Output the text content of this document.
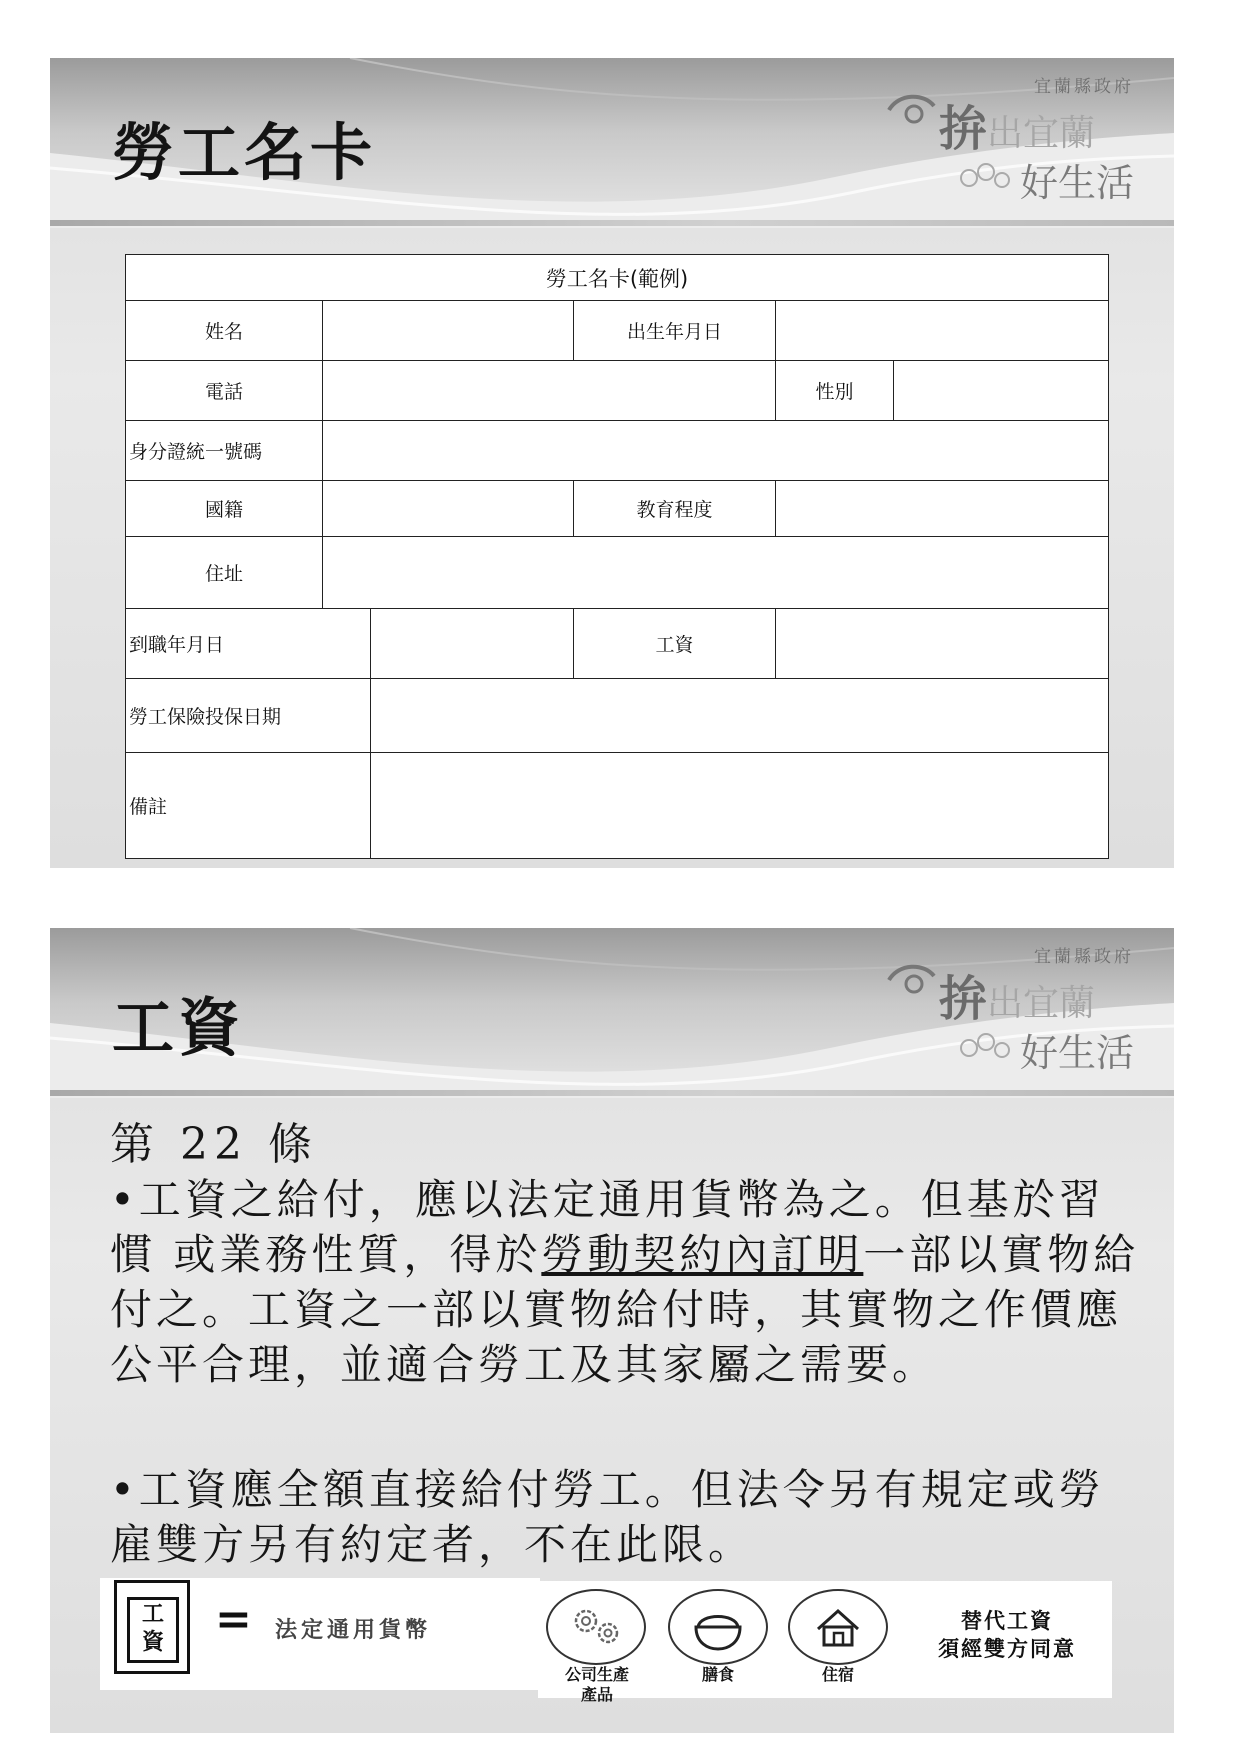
勞工名卡
宜蘭縣政府
拚出宜蘭
好生活
勞工名卡(範例)					
姓名			出生年月日		
電話				性別	
身分證統一號碼					
國籍			教育程度		
住址					
到職年月日			工資		
勞工保險投保日期					
備註					
工資
宜蘭縣政府
拚出宜蘭
好生活
第 22 條

•工資之給付，應以法定通用貨幣為之。但基於習慣 或業務性質，得於勞動契約內訂明一部以實物給付之。工資之一部以實物給付時，其實物之作價應公平合理，並適合勞工及其家屬之需要。

•工資應全額直接給付勞工。但法令另有規定或勞雇雙方另有約定者，不在此限。

工
資 = 法定通用貨幣
公司生產
產品
膳食	住宿
替代工資
須經雙方同意
